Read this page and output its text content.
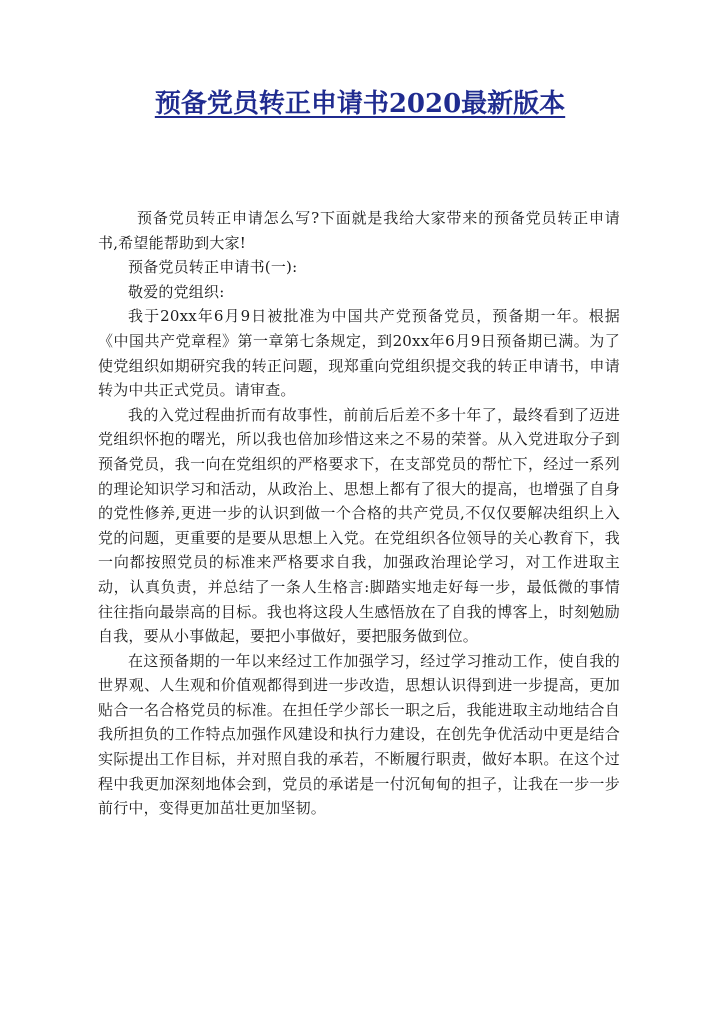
预备党员转正申请书2020最新版本

预备党员转正申请怎么写?下面就是我给大家带来的预备党员转正申请书,希望能帮助到大家!

预备党员转正申请书(一):

敬爱的党组织:

我于20xx年6月9日被批准为中国共产党预备党员，预备期一年。根据《中国共产党章程》第一章第七条规定，到20xx年6月9日预备期已满。为了使党组织如期研究我的转正问题，现郑重向党组织提交我的转正申请书，申请转为中共正式党员。请审查。

我的入党过程曲折而有故事性，前前后后差不多十年了，最终看到了迈进党组织怀抱的曙光，所以我也倍加珍惜这来之不易的荣誉。从入党进取分子到预备党员，我一向在党组织的严格要求下，在支部党员的帮忙下，经过一系列的理论知识学习和活动，从政治上、思想上都有了很大的提高，也增强了自身的党性修养,更进一步的认识到做一个合格的共产党员,不仅仅要解决组织上入党的问题，更重要的是要从思想上入党。在党组织各位领导的关心教育下，我一向都按照党员的标准来严格要求自我，加强政治理论学习，对工作进取主动，认真负责，并总结了一条人生格言:脚踏实地走好每一步，最低微的事情往往指向最崇高的目标。我也将这段人生感悟放在了自我的博客上，时刻勉励自我，要从小事做起，要把小事做好，要把服务做到位。

在这预备期的一年以来经过工作加强学习，经过学习推动工作，使自我的世界观、人生观和价值观都得到进一步改造，思想认识得到进一步提高，更加贴合一名合格党员的标准。在担任学少部长一职之后，我能进取主动地结合自我所担负的工作特点加强作风建设和执行力建设，在创先争优活动中更是结合实际提出工作目标，并对照自我的承若，不断履行职责，做好本职。在这个过程中我更加深刻地体会到，党员的承诺是一付沉甸甸的担子，让我在一步一步前行中，变得更加茁壮更加坚韧。
